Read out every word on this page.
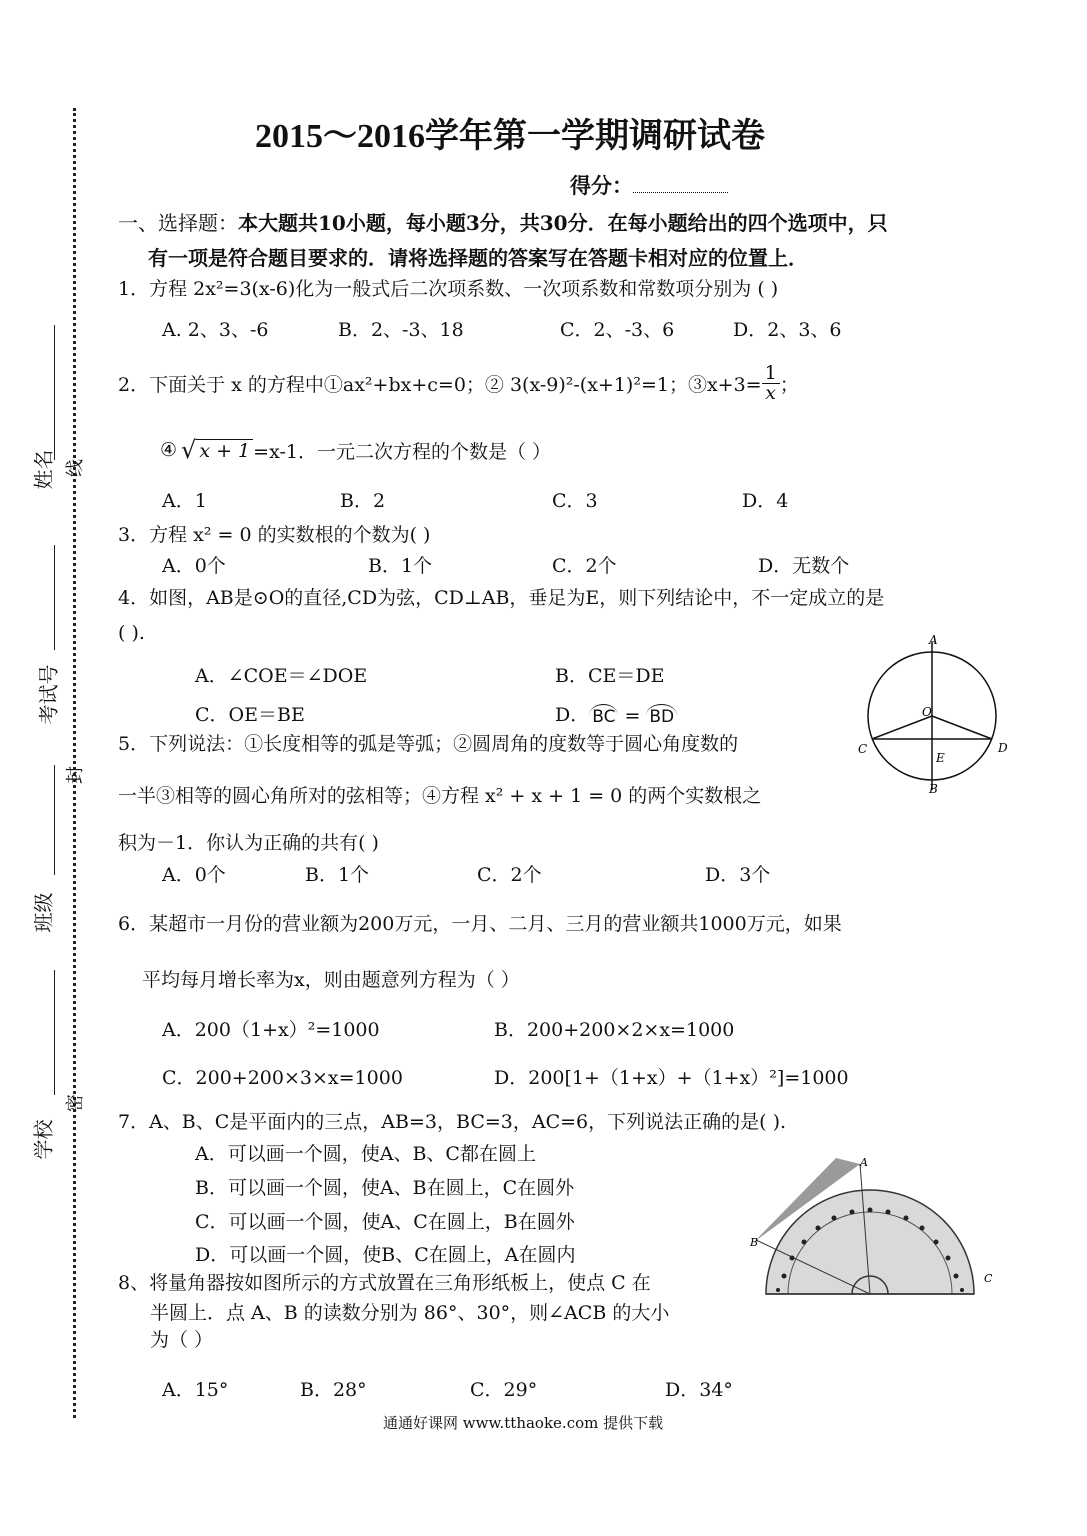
姓名 线
考试号
封
班级
学校
密
2015～2016学年第一学期调研试卷
得分：
一、选择题：本大题共10小题，每小题3分，共30分．在每小题给出的四个选项中，只
有一项是符合题目要求的．请将选择题的答案写在答题卡相对应的位置上．
1．方程 2x²=3(x-6)化为一般式后二次项系数、一次项系数和常数项分别为 ( )
A. 2、3、-6	B．2、-3、18	C．2、-3、6	D．2、3、6
2．下面关于 x 的方程中①ax²+bx+c=0；② 3(x-9)²-(x+1)²=1；③x+3= $\frac{1}{x}$ ；
④ √ x + 1 =x-1．一元二次方程的个数是（ ）
A．1	B．2	C．3	D．4
3．方程 x² = 0 的实数根的个数为( )
A．0个	B．1个	C．2个	D．无数个
4．如图，AB是⊙O的直径,CD为弦，CD⊥AB，垂足为E，则下列结论中，不一定成立的是
( ).
A．∠COE＝∠DOE	B．CE＝DE
C．OE＝BE	D． BC = BD
A
O
C
E
D
B
5．下列说法：①长度相等的弧是等弧；②圆周角的度数等于圆心角度数的
一半③相等的圆心角所对的弦相等；④方程 x² + x + 1 = 0 的两个实数根之
积为－1．你认为正确的共有( )
A．0个	B．1个	C．2个	D．3个
6．某超市一月份的营业额为200万元，一月、二月、三月的营业额共1000万元，如果
平均每月增长率为x，则由题意列方程为（ ）
A．200（1+x）²=1000	B．200+200×2×x=1000
C．200+200×3×x=1000	D．200[1+（1+x）+（1+x）²]=1000
7．A、B、C是平面内的三点，AB=3，BC=3，AC=6，下列说法正确的是( ).
A．可以画一个圆，使A、B、C都在圆上
B．可以画一个圆，使A、B在圆上，C在圆外
C．可以画一个圆，使A、C在圆上，B在圆外
D．可以画一个圆，使B、C在圆上，A在圆内
A
B
C
8、将量角器按如图所示的方式放置在三角形纸板上，使点 C 在
半圆上．点 A、B 的读数分别为 86°、30°，则∠ACB 的大小
为（ ）
A．15°	B．28°	C．29°	D．34°
通通好课网 www.tthaoke.com 提供下载
